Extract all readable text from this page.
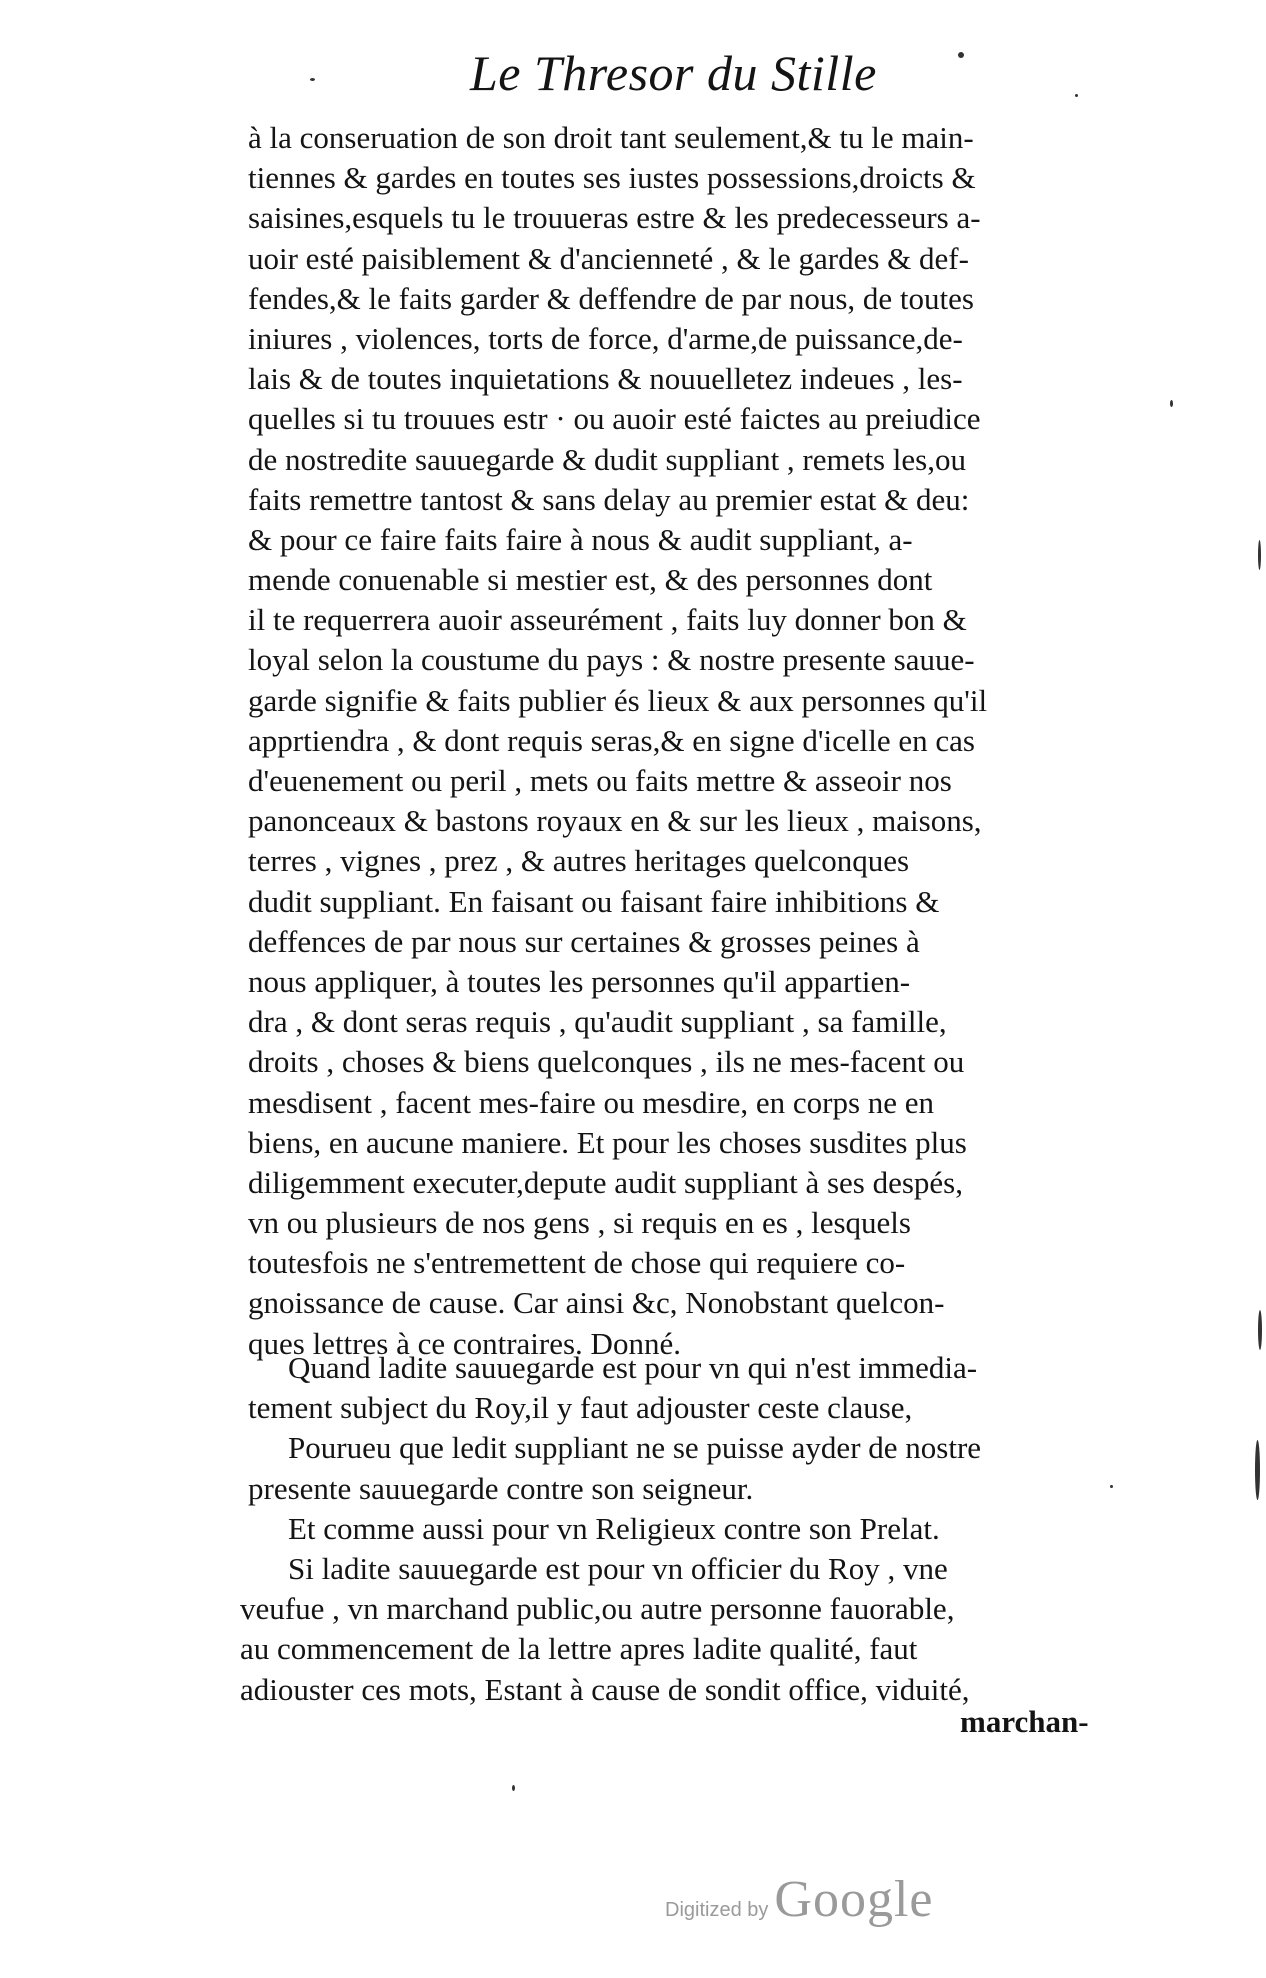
Le Thresor du Stille
à la conseruation de son droit tant seulement,& tu le main-
tiennes & gardes en toutes ses iustes possessions,droicts &
saisines,esquels tu le trouueras estre & les predecesseurs a-
uoir esté paisiblement & d'ancienneté , & le gardes & def-
fendes,& le faits garder & deffendre de par nous, de toutes
iniures , violences, torts de force, d'arme,de puissance,de-
lais & de toutes inquietations & nouuelletez indeues , les-
quelles si tu trouues estr · ou auoir esté faictes au preiudice
de nostredite sauuegarde & dudit suppliant , remets les,ou
faits remettre tantost & sans delay au premier estat & deu:
& pour ce faire faits faire à nous & audit suppliant, a-
mende conuenable si mestier est, & des personnes dont
il te requerrera auoir asseurément , faits luy donner bon &
loyal selon la coustume du pays : & nostre presente sauue-
garde signifie & faits publier és lieux & aux personnes qu'il
apprtiendra , & dont requis seras,& en signe d'icelle en cas
d'euenement ou peril , mets ou faits mettre & asseoir nos
panonceaux & bastons royaux en & sur les lieux , maisons,
terres , vignes , prez , & autres heritages quelconques
dudit suppliant. En faisant ou faisant faire inhibitions &
deffences de par nous sur certaines & grosses peines à
nous appliquer, à toutes les personnes qu'il appartien-
dra , & dont seras requis , qu'audit suppliant , sa famille,
droits , choses & biens quelconques , ils ne mes-facent ou
mesdisent , facent mes-faire ou mesdire, en corps ne en
biens, en aucune maniere. Et pour les choses susdites plus
diligemment executer,depute audit suppliant à ses despés,
vn ou plusieurs de nos gens , si requis en es , lesquels
toutesfois ne s'entremettent de chose qui requiere co-
gnoissance de cause. Car ainsi &c, Nonobstant quelcon-
ques lettres à ce contraires. Donné.
Quand ladite sauuegarde est pour vn qui n'est immedia-
tement subject du Roy,il y faut adjouster ceste clause,
Pourueu que ledit suppliant ne se puisse ayder de nostre
presente sauuegarde contre son seigneur.
Et comme aussi pour vn Religieux contre son Prelat.
Si ladite sauuegarde est pour vn officier du Roy , vne
veufue , vn marchand public,ou autre personne fauorable,
au commencement de la lettre apres ladite qualité, faut
adiouster ces mots, Estant à cause de sondit office, viduité,
marchan-
Digitized by Google
